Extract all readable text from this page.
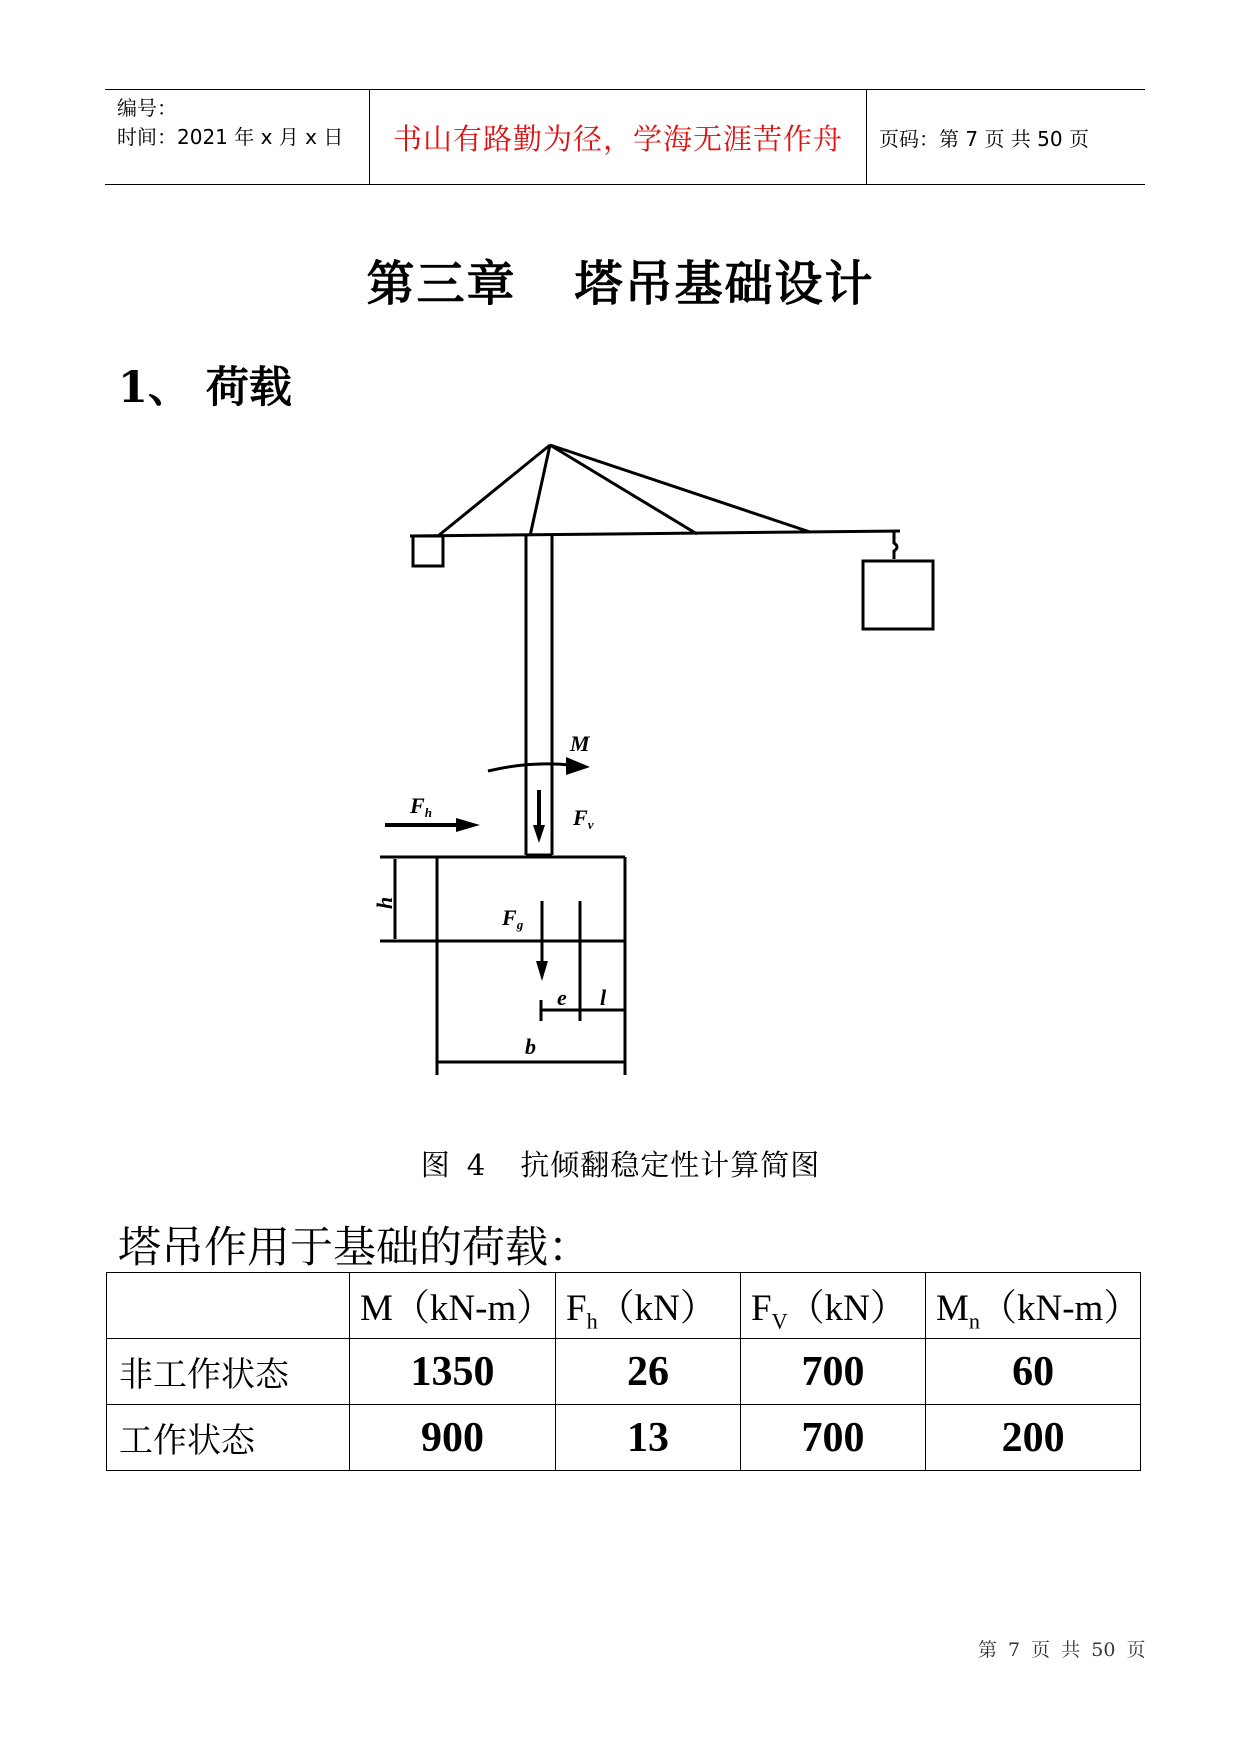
编号：
时间：2021 年 x 月 x 日	书山有路勤为径，学海无涯苦作舟	页码：第 7 页 共 50 页
第三章 塔吊基础设计
1、 荷载
M
Fh	Fv
Fg
h
e l
b
图 4 抗倾翻稳定性计算简图
塔吊作用于基础的荷载：
	M（kN-m）	$F_h(kN)$	$F_V(kN)$	$M_n(kN-m)$
非工作状态	1350	26	700	60
工作状态	900	13	700	200
第 7 页 共 50 页
